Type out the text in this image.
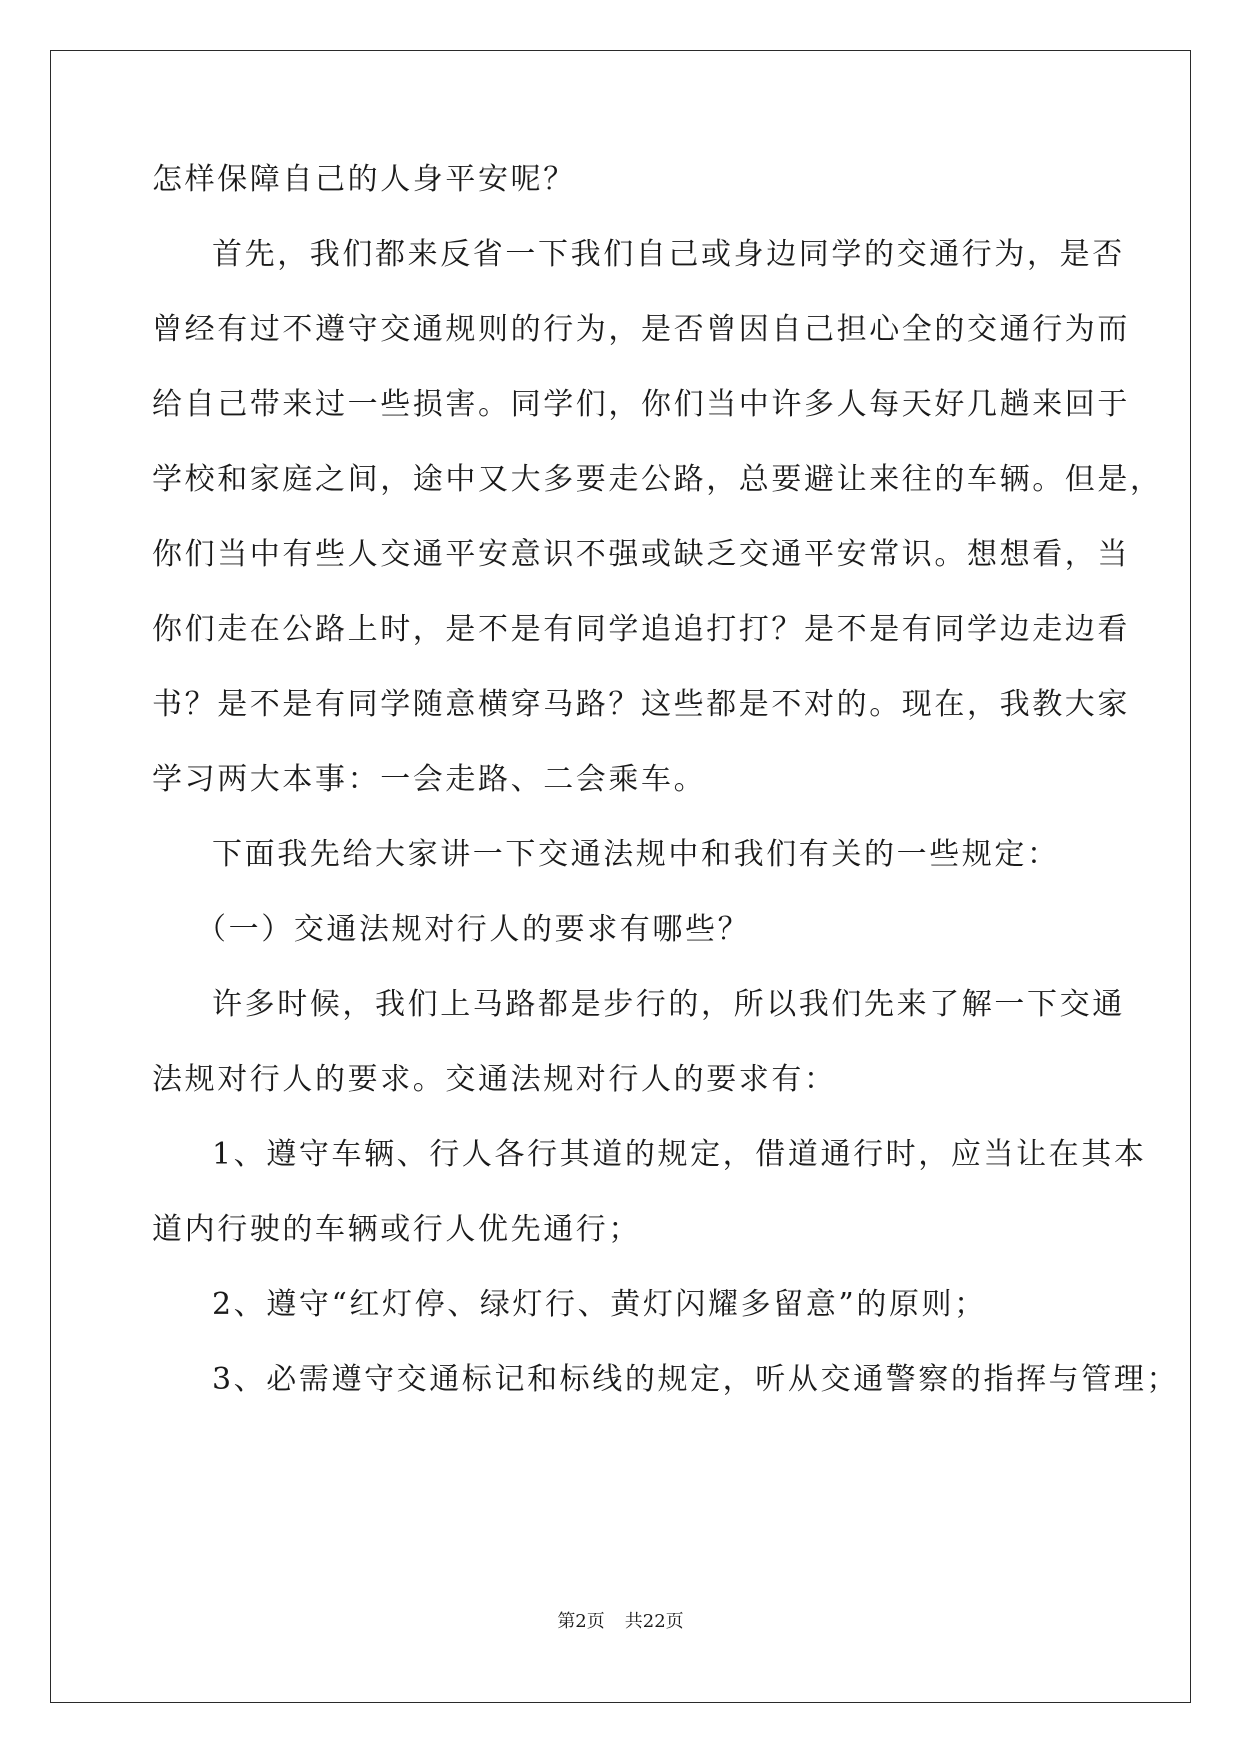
怎样保障自己的人身平安呢？
首先，我们都来反省一下我们自己或身边同学的交通行为，是否
曾经有过不遵守交通规则的行为，是否曾因自己担心全的交通行为而
给自己带来过一些损害。同学们，你们当中许多人每天好几趟来回于
学校和家庭之间，途中又大多要走公路，总要避让来往的车辆。但是，
你们当中有些人交通平安意识不强或缺乏交通平安常识。想想看，当
你们走在公路上时，是不是有同学追追打打？是不是有同学边走边看
书？是不是有同学随意横穿马路？这些都是不对的。现在，我教大家
学习两大本事：一会走路、二会乘车。
下面我先给大家讲一下交通法规中和我们有关的一些规定：
（一）交通法规对行人的要求有哪些？
许多时候，我们上马路都是步行的，所以我们先来了解一下交通
法规对行人的要求。交通法规对行人的要求有：
1、遵守车辆、行人各行其道的规定，借道通行时，应当让在其本
道内行驶的车辆或行人优先通行；
2、遵守“红灯停、绿灯行、黄灯闪耀多留意”的原则；
3、必需遵守交通标记和标线的规定，听从交通警察的指挥与管理；
第2页 共22页
